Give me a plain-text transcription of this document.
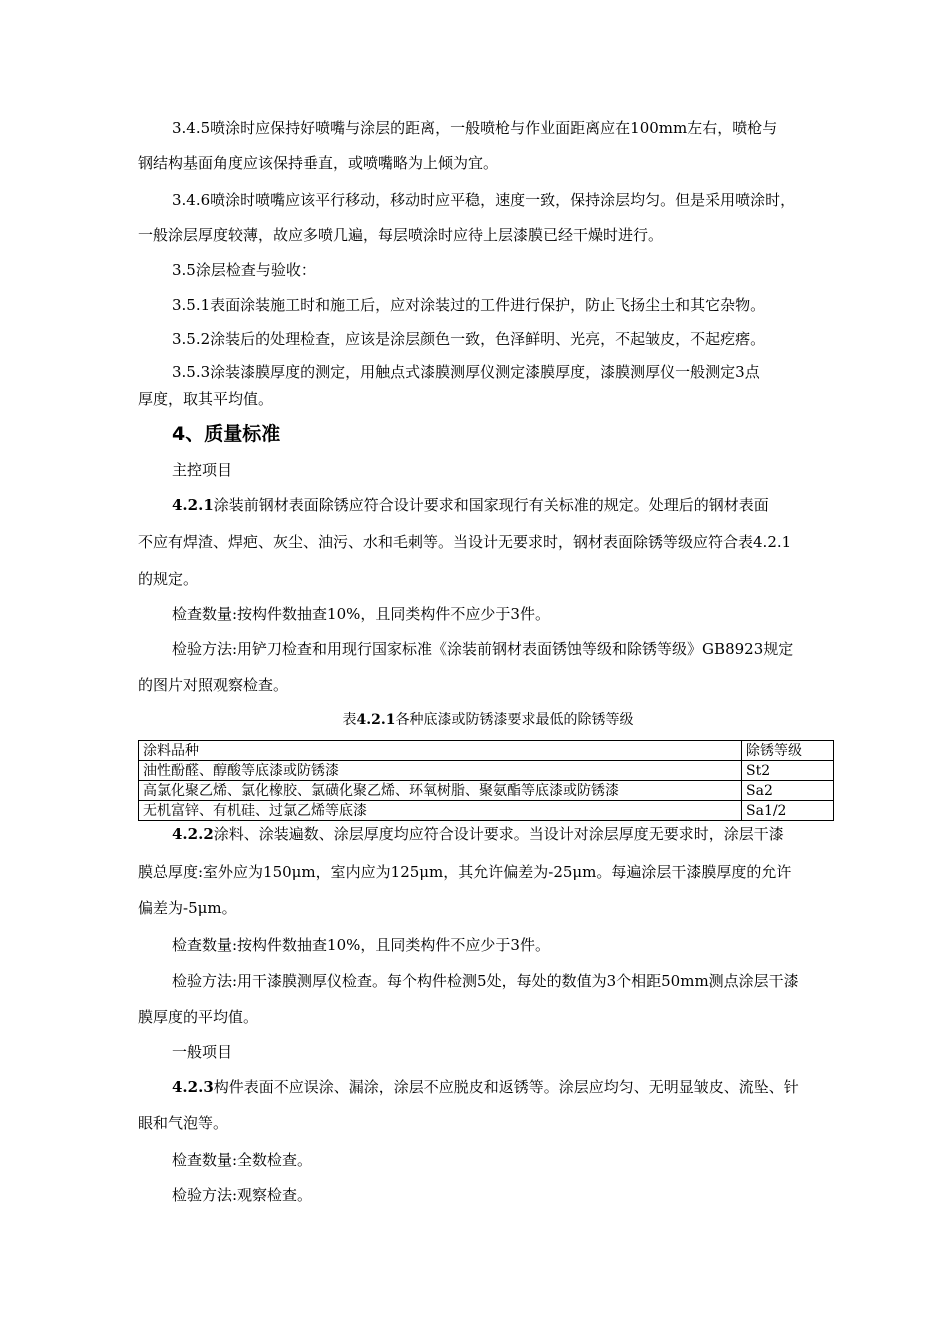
3.4.5喷涂时应保持好喷嘴与涂层的距离，一般喷枪与作业面距离应在100mm左右，喷枪与
钢结构基面角度应该保持垂直，或喷嘴略为上倾为宜。
3.4.6喷涂时喷嘴应该平行移动，移动时应平稳，速度一致，保持涂层均匀。但是采用喷涂时，
一般涂层厚度较薄，故应多喷几遍，每层喷涂时应待上层漆膜已经干燥时进行。
3.5涂层检查与验收：
3.5.1表面涂装施工时和施工后，应对涂装过的工件进行保护，防止飞扬尘土和其它杂物。
3.5.2涂装后的处理检查，应该是涂层颜色一致，色泽鲜明、光亮，不起皱皮，不起疙瘩。
3.5.3涂装漆膜厚度的测定，用触点式漆膜测厚仪测定漆膜厚度，漆膜测厚仪一般测定3点
厚度，取其平均值。
4、质量标准
主控项目
4.2.1涂装前钢材表面除锈应符合设计要求和国家现行有关标准的规定。处理后的钢材表面
不应有焊渣、焊疤、灰尘、油污、水和毛刺等。当设计无要求时，钢材表面除锈等级应符合表4.2.1
的规定。
检查数量:按构件数抽查10%，且同类构件不应少于3件。
检验方法:用铲刀检查和用现行国家标准《涂装前钢材表面锈蚀等级和除锈等级》GB8923规定
的图片对照观察检查。
表4.2.1各种底漆或防锈漆要求最低的除锈等级
涂料品种	除锈等级
油性酚醛、醇酸等底漆或防锈漆	St2
高氯化聚乙烯、氯化橡胶、氯磺化聚乙烯、环氧树脂、聚氨酯等底漆或防锈漆	Sa2
无机富锌、有机硅、过氯乙烯等底漆	Sa1/2
4.2.2涂料、涂装遍数、涂层厚度均应符合设计要求。当设计对涂层厚度无要求时，涂层干漆
膜总厚度:室外应为150μm，室内应为125μm，其允许偏差为-25μm。每遍涂层干漆膜厚度的允许
偏差为-5μm。
检查数量:按构件数抽查10%，且同类构件不应少于3件。
检验方法:用干漆膜测厚仪检查。每个构件检测5处，每处的数值为3个相距50mm测点涂层干漆
膜厚度的平均值。
一般项目
4.2.3构件表面不应误涂、漏涂，涂层不应脱皮和返锈等。涂层应均匀、无明显皱皮、流坠、针
眼和气泡等。
检查数量:全数检查。
检验方法:观察检查。
